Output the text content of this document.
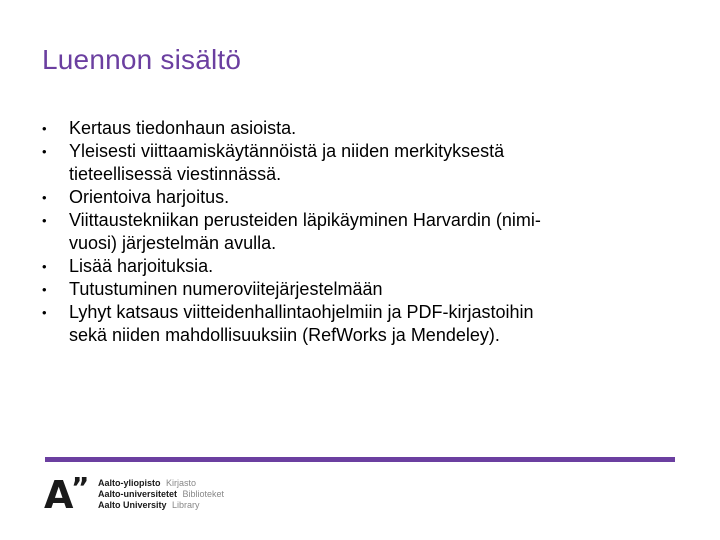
Luennon sisältö
• Kertaus tiedonhaun asioista.
• Yleisesti viittaamiskäytännöistä ja niiden merkityksestä
tieteellisessä viestinnässä.
• Orientoiva harjoitus.
• Viittaustekniikan perusteiden läpikäyminen Harvardin (nimi-
vuosi) järjestelmän avulla.
• Lisää harjoituksia.
• Tutustuminen numeroviitejärjestelmään
• Lyhyt katsaus viitteidenhallintaohjelmiin ja PDF-kirjastoihin
sekä niiden mahdollisuuksiin (RefWorks ja Mendeley).
A
” Aalto-yliopisto Kirjasto
Aalto-universitetet Biblioteket
Aalto University Library
